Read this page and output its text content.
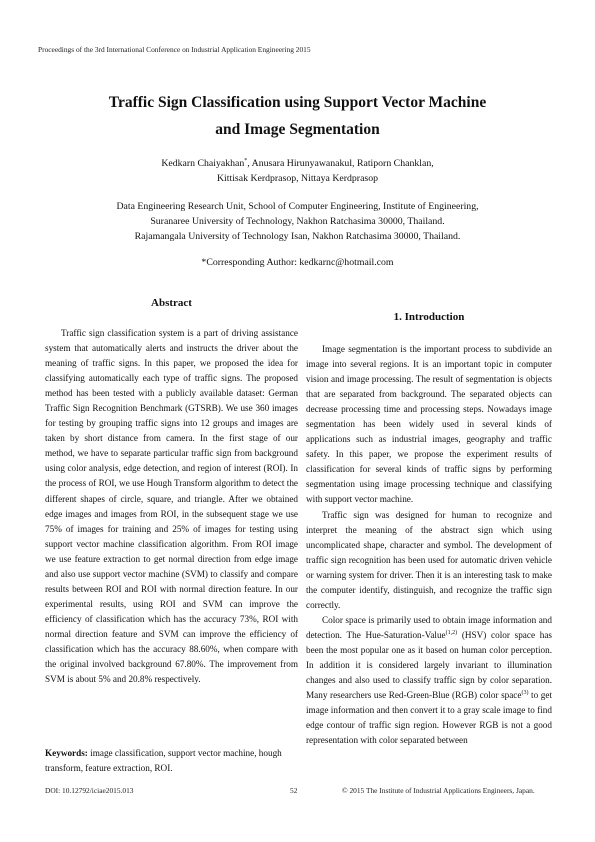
Proceedings of the 3rd International Conference on Industrial Application Engineering 2015
Traffic Sign Classification using Support Vector Machine
and Image Segmentation
Kedkarn Chaiyakhan*, Anusara Hirunyawanakul, Ratiporn Chanklan,
Kittisak Kerdprasop, Nittaya Kerdprasop
Data Engineering Research Unit, School of Computer Engineering, Institute of Engineering,
Suranaree University of Technology, Nakhon Ratchasima 30000, Thailand.
Rajamangala University of Technology Isan, Nakhon Ratchasima 30000, Thailand.
*Corresponding Author: kedkarnc@hotmail.com
Abstract

Traffic sign classification system is a part of driving assistance system that automatically alerts and instructs the driver about the meaning of traffic signs. In this paper, we proposed the idea for classifying automatically each type of traffic signs. The proposed method has been tested with a publicly available dataset: German Traffic Sign Recognition Benchmark (GTSRB). We use 360 images for testing by grouping traffic signs into 12 groups and images are taken by short distance from camera. In the first stage of our method, we have to separate particular traffic sign from background using color analysis, edge detection, and region of interest (ROI). In the process of ROI, we use Hough Transform algorithm to detect the different shapes of circle, square, and triangle. After we obtained edge images and images from ROI, in the subsequent stage we use 75% of images for training and 25% of images for testing using support vector machine classification algorithm. From ROI image we use feature extraction to get normal direction from edge image and also use support vector machine (SVM) to classify and compare results between ROI and ROI with normal direction feature. In our experimental results, using ROI and SVM can improve the efficiency of classification which has the accuracy 73%, ROI with normal direction feature and SVM can improve the efficiency of classification which has the accuracy 88.60%, when compare with the original involved background 67.80%. The improvement from SVM is about 5% and 20.8% respectively.

Keywords: image classification, support vector machine, hough transform, feature extraction, ROI.
1. Introduction

Image segmentation is the important process to subdivide an image into several regions. It is an important topic in computer vision and image processing. The result of segmentation is objects that are separated from background. The separated objects can decrease processing time and processing steps. Nowadays image segmentation has been widely used in several kinds of applications such as industrial images, geography and traffic safety. In this paper, we propose the experiment results of classification for several kinds of traffic signs by performing segmentation using image processing technique and classifying with support vector machine.

Traffic sign was designed for human to recognize and interpret the meaning of the abstract sign which using uncomplicated shape, character and symbol. The development of traffic sign recognition has been used for automatic driven vehicle or warning system for driver. Then it is an interesting task to make the computer identify, distinguish, and recognize the traffic sign correctly.

Color space is primarily used to obtain image information and detection. The Hue-Saturation-Value$^{(1,2)}$ (HSV) color space has been the most popular one as it based on human color perception. In addition it is considered largely invariant to illumination changes and also used to classify traffic sign by color separation. Many researchers use Red-Green-Blue (RGB) color space$^{(3)}$ to get image information and then convert it to a gray scale image to find edge contour of traffic sign region. However RGB is not a good representation with color separated between

DOI: 10.12792/iciae2015.013	52	© 2015 The Institute of Industrial Applications Engineers, Japan.
